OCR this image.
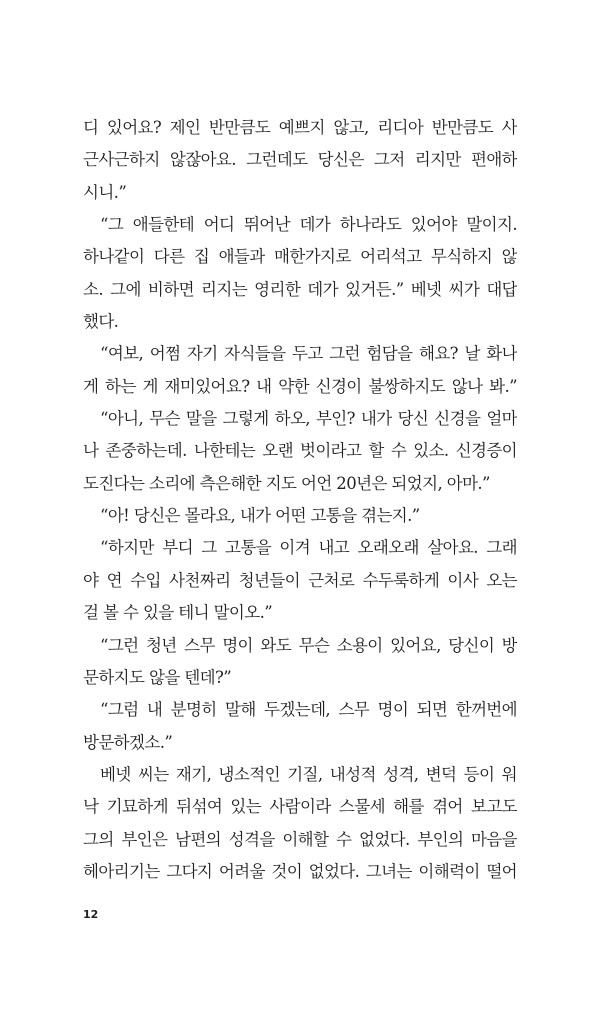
디 있어요? 제인 반만큼도 예쁘지 않고, 리디아 반만큼도 사
근사근하지 않잖아요. 그런데도 당신은 그저 리지만 편애하
시니.”
“그 애들한테 어디 뛰어난 데가 하나라도 있어야 말이지.
하나같이 다른 집 애들과 매한가지로 어리석고 무식하지 않
소. 그에 비하면 리지는 영리한 데가 있거든.” 베넷 씨가 대답
했다.
“여보, 어쩜 자기 자식들을 두고 그런 험담을 해요? 날 화나
게 하는 게 재미있어요? 내 약한 신경이 불쌍하지도 않나 봐.”
“아니, 무슨 말을 그렇게 하오, 부인? 내가 당신 신경을 얼마
나 존중하는데. 나한테는 오랜 벗이라고 할 수 있소. 신경증이
도진다는 소리에 측은해한 지도 어언 20년은 되었지, 아마.”
“아! 당신은 몰라요, 내가 어떤 고통을 겪는지.”
“하지만 부디 그 고통을 이겨 내고 오래오래 살아요. 그래
야 연 수입 사천짜리 청년들이 근처로 수두룩하게 이사 오는
걸 볼 수 있을 테니 말이오.”
“그런 청년 스무 명이 와도 무슨 소용이 있어요, 당신이 방
문하지도 않을 텐데?”
“그럼 내 분명히 말해 두겠는데, 스무 명이 되면 한꺼번에
방문하겠소.”
베넷 씨는 재기, 냉소적인 기질, 내성적 성격, 변덕 등이 워
낙 기묘하게 뒤섞여 있는 사람이라 스물세 해를 겪어 보고도
그의 부인은 남편의 성격을 이해할 수 없었다. 부인의 마음을
헤아리기는 그다지 어려울 것이 없었다. 그녀는 이해력이 떨어
12
